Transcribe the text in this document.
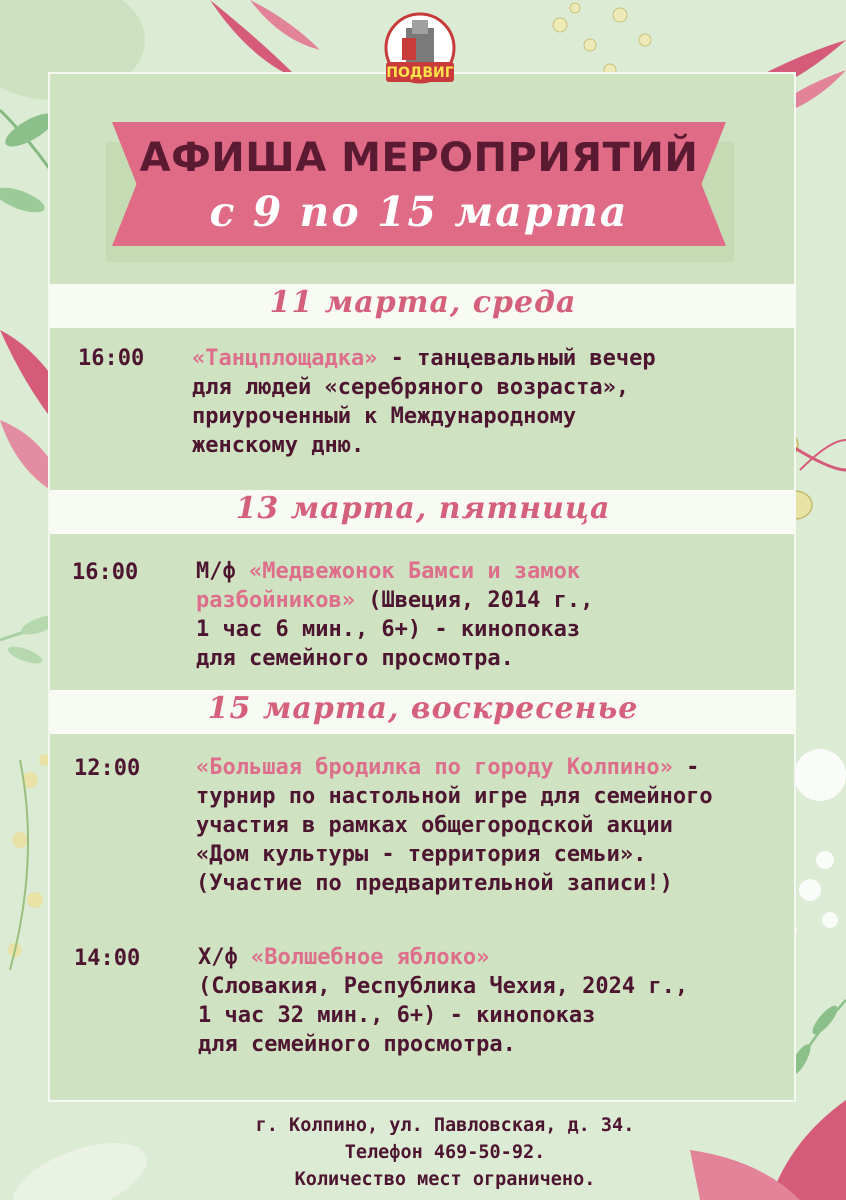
ПОДВИГ
АФИША МЕРОПРИЯТИЙ
с 9 по 15 марта
11 марта, среда
16:00 «Танцплощадка» - танцевальный вечер
для людей «серебряного возраста»,
приуроченный к Международному
женскому дню.
13 марта, пятница
16:00	М/ф «Медвежонок Бамси и замок
разбойников» (Швеция, 2014 г.,
1 час 6 мин., 6+) - кинопоказ
для семейного просмотра.
15 марта, воскресенье
12:00	«Большая бродилка по городу Колпино» -
турнир по настольной игре для семейного
участия в рамках общегородской акции
«Дом культуры - территория семьи».
(Участие по предварительной записи!)
14:00	Х/ф «Волшебное яблоко»
(Словакия, Республика Чехия, 2024 г.,
1 час 32 мин., 6+) - кинопоказ
для семейного просмотра.
г. Колпино, ул. Павловская, д. 34.
Телефон 469-50-92.
Количество мест ограничено.
